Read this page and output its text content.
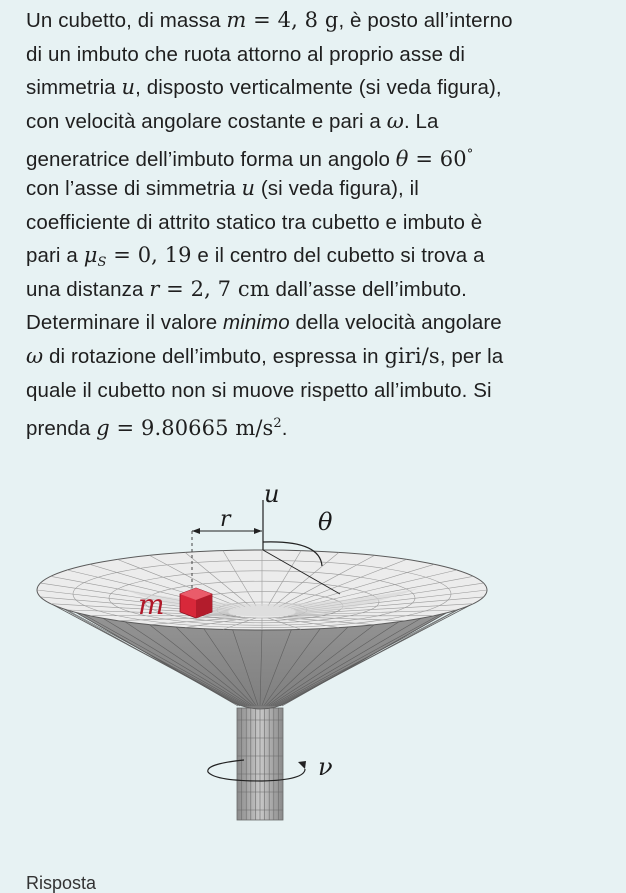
Un cubetto, di massa m = 4, 8 g, è posto all’interno
di un imbuto che ruota attorno al proprio asse di
simmetria u, disposto verticalmente (si veda figura),
con velocità angolare costante e pari a ω. La
generatrice dell’imbuto forma un angolo θ = 60°
con l’asse di simmetria u (si veda figura), il
coefficiente di attrito statico tra cubetto e imbuto è
pari a $\mu_S = 0$, 19 e il centro del cubetto si trova a
una distanza r = 2, 7 cm dall’asse dell’imbuto.
Determinare il valore minimo della velocità angolare
ω di rotazione dell’imbuto, espressa in giri/s, per la
quale il cubetto non si muove rispetto all’imbuto. Si
prenda g = 9.80665 $m/s^2$.
u
r	θ
m
ν
Risposta
